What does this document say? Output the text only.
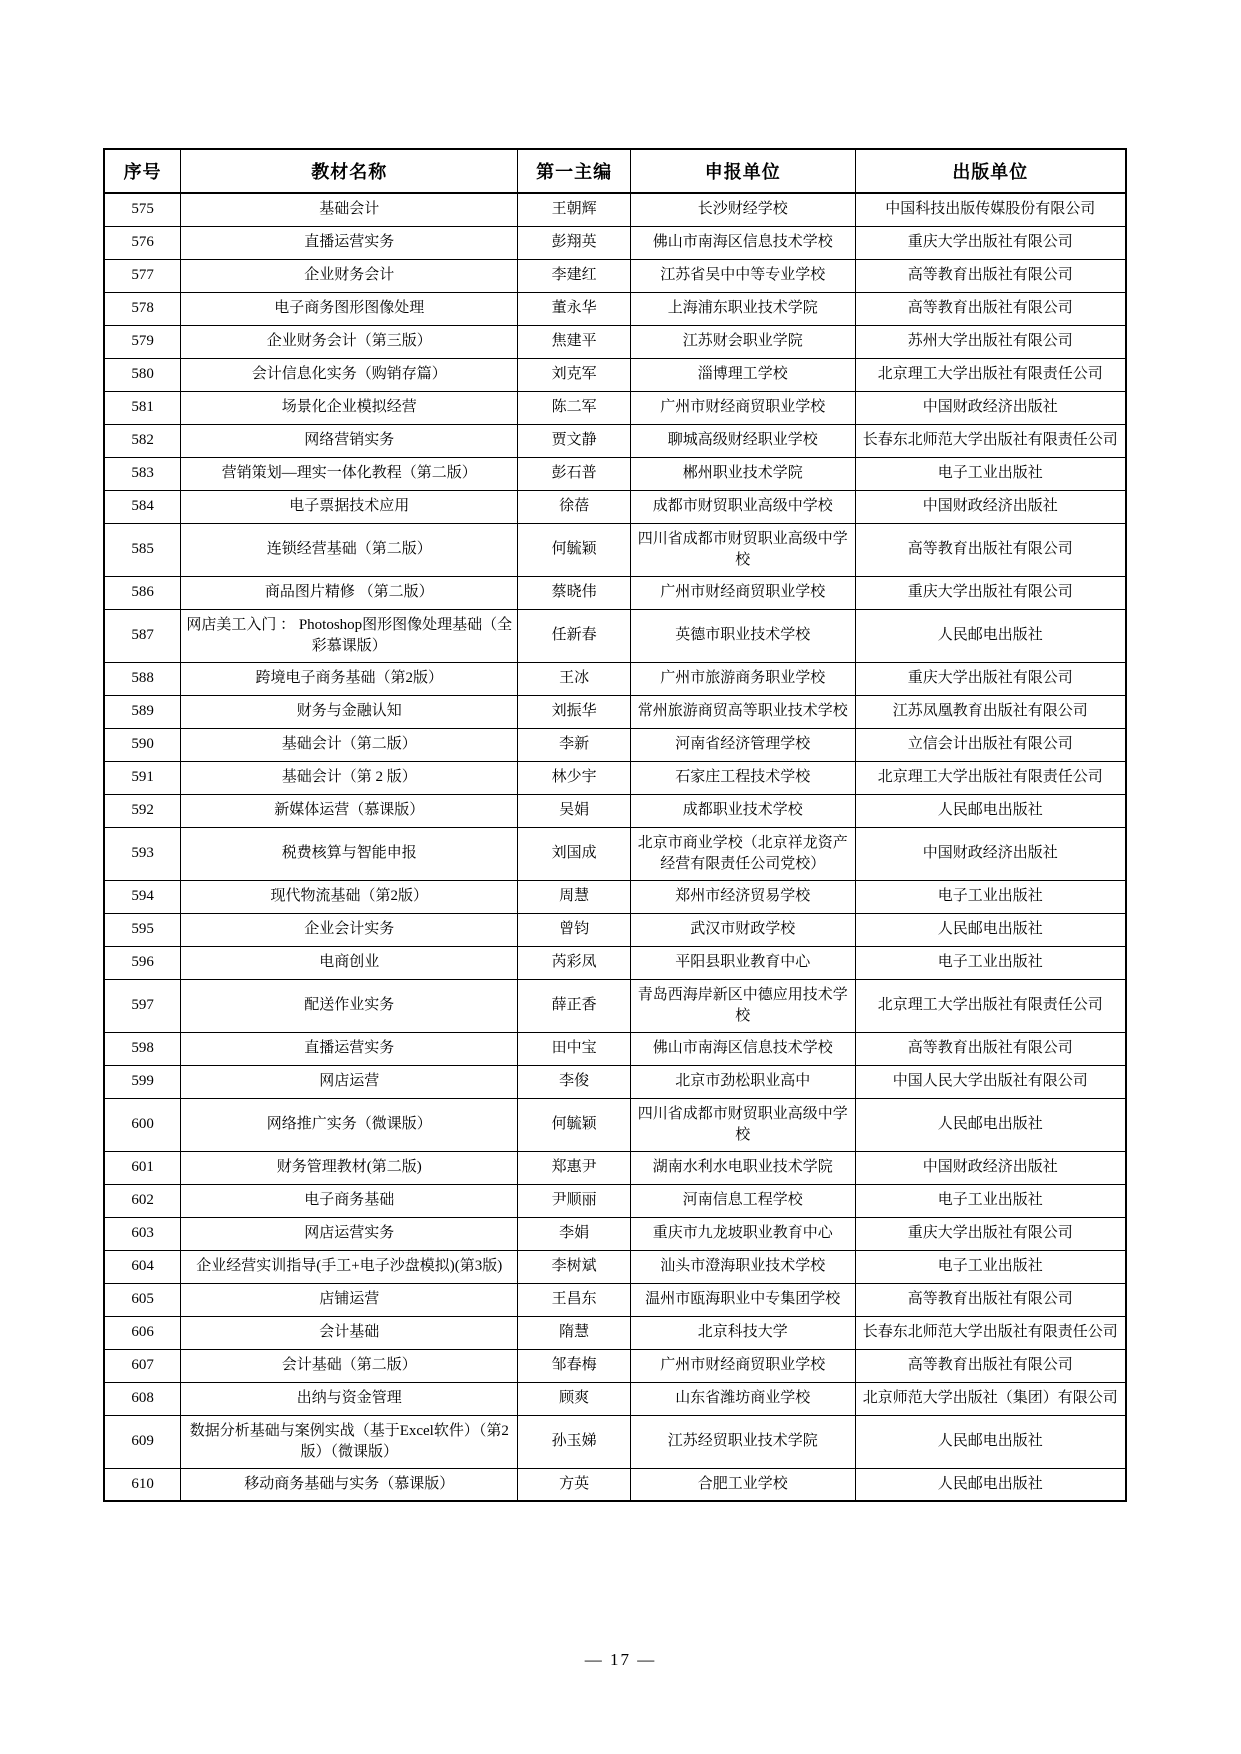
序号	教材名称	第一主编	申报单位	出版单位
575	基础会计	王朝辉	长沙财经学校	中国科技出版传媒股份有限公司
576	直播运营实务	彭翔英	佛山市南海区信息技术学校	重庆大学出版社有限公司
577	企业财务会计	李建红	江苏省吴中中等专业学校	高等教育出版社有限公司
578	电子商务图形图像处理	董永华	上海浦东职业技术学院	高等教育出版社有限公司
579	企业财务会计（第三版）	焦建平	江苏财会职业学院	苏州大学出版社有限公司
580	会计信息化实务（购销存篇）	刘克军	淄博理工学校	北京理工大学出版社有限责任公司
581	场景化企业模拟经营	陈二军	广州市财经商贸职业学校	中国财政经济出版社
582	网络营销实务	贾文静	聊城高级财经职业学校	长春东北师范大学出版社有限责任公司
583	营销策划—理实一体化教程（第二版）	彭石普	郴州职业技术学院	电子工业出版社
584	电子票据技术应用	徐蓓	成都市财贸职业高级中学校	中国财政经济出版社
585	连锁经营基础（第二版）	何毓颖	四川省成都市财贸职业高级中学校	高等教育出版社有限公司
586	商品图片精修 （第二版）	蔡晓伟	广州市财经商贸职业学校	重庆大学出版社有限公司
587	网店美工入门 ： Photoshop图形图像处理基础（全彩慕课版）	任新春	英德市职业技术学校	人民邮电出版社
588	跨境电子商务基础（第2版）	王冰	广州市旅游商务职业学校	重庆大学出版社有限公司
589	财务与金融认知	刘振华	常州旅游商贸高等职业技术学校	江苏凤凰教育出版社有限公司
590	基础会计（第二版）	李新	河南省经济管理学校	立信会计出版社有限公司
591	基础会计（第 2 版）	林少宇	石家庄工程技术学校	北京理工大学出版社有限责任公司
592	新媒体运营（慕课版）	吴娟	成都职业技术学校	人民邮电出版社
593	税费核算与智能申报	刘国成	北京市商业学校（北京祥龙资产经营有限责任公司党校）	中国财政经济出版社
594	现代物流基础（第2版）	周慧	郑州市经济贸易学校	电子工业出版社
595	企业会计实务	曾钧	武汉市财政学校	人民邮电出版社
596	电商创业	芮彩凤	平阳县职业教育中心	电子工业出版社
597	配送作业实务	薛正香	青岛西海岸新区中德应用技术学校	北京理工大学出版社有限责任公司
598	直播运营实务	田中宝	佛山市南海区信息技术学校	高等教育出版社有限公司
599	网店运营	李俊	北京市劲松职业高中	中国人民大学出版社有限公司
600	网络推广实务（微课版）	何毓颖	四川省成都市财贸职业高级中学校	人民邮电出版社
601	财务管理教材(第二版)	郑惠尹	湖南水利水电职业技术学院	中国财政经济出版社
602	电子商务基础	尹顺丽	河南信息工程学校	电子工业出版社
603	网店运营实务	李娟	重庆市九龙坡职业教育中心	重庆大学出版社有限公司
604	企业经营实训指导(手工+电子沙盘模拟)(第3版)	李树斌	汕头市澄海职业技术学校	电子工业出版社
605	店铺运营	王昌东	温州市瓯海职业中专集团学校	高等教育出版社有限公司
606	会计基础	隋慧	北京科技大学	长春东北师范大学出版社有限责任公司
607	会计基础（第二版）	邹春梅	广州市财经商贸职业学校	高等教育出版社有限公司
608	出纳与资金管理	顾爽	山东省潍坊商业学校	北京师范大学出版社（集团）有限公司
609	数据分析基础与案例实战（基于Excel软件）（第2版）（微课版）	孙玉娣	江苏经贸职业技术学院	人民邮电出版社
610	移动商务基础与实务（慕课版）	方英	合肥工业学校	人民邮电出版社
— 17 —
